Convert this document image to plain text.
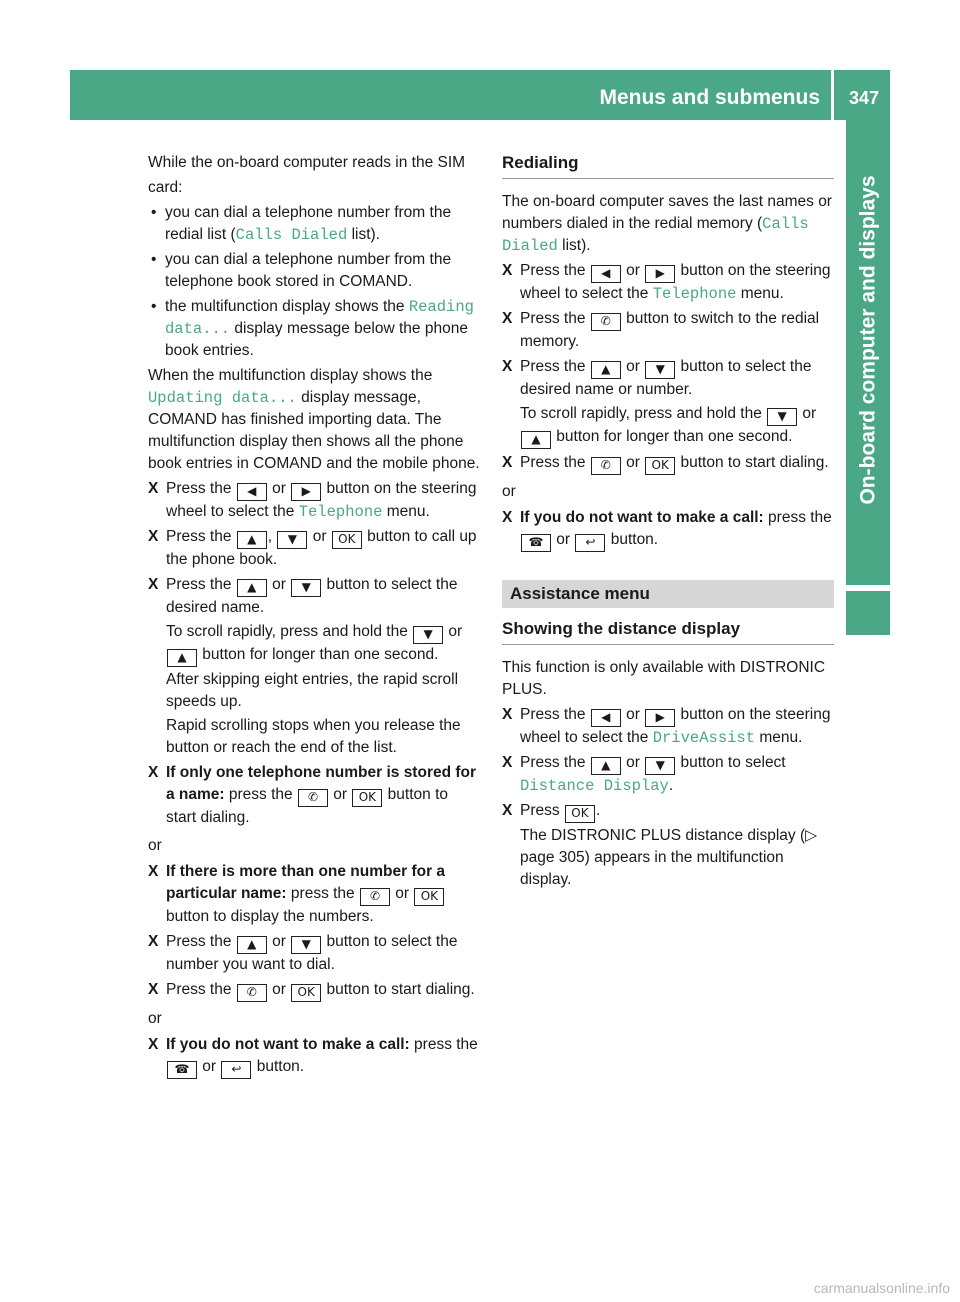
Menus and submenus	347
On-board computer and displays

While the on-board computer reads in the SIM

card:

• you can dial a telephone number from the redial list (Calls Dialed list).
• you can dial a telephone number from the telephone book stored in COMAND.
• the multifunction display shows the Reading data... display message below the phone book entries.

When the multifunction display shows the Updating data... display message, COMAND has finished importing data. The multifunction display then shows all the phone book entries in COMAND and the mobile phone.

X Press the ◀ or ▶ button on the steering wheel to select the Telephone menu.
X Press the ▲ , ▼ or OK button to call up the phone book.
X Press the ▲ or ▼ button to select the desired name.

To scroll rapidly, press and hold the ▼ or ▲ button for longer than one second.

After skipping eight entries, the rapid scroll speeds up.

Rapid scrolling stops when you release the button or reach the end of the list.

X If only one telephone number is stored for a name: press the ✆ or OK button to start dialing.

or

X If there is more than one number for a particular name: press the ✆ or OK button to display the numbers.
X Press the ▲ or ▼ button to select the number you want to dial.
X Press the ✆ or OK button to start dialing.

or

X If you do not want to make a call: press the ☎ or ↩ button.
Redialing

The on-board computer saves the last names or numbers dialed in the redial memory (Calls Dialed list).

X Press the ◀ or ▶ button on the steering wheel to select the Telephone menu.
X Press the ✆ button to switch to the redial memory.
X Press the ▲ or ▼ button to select the desired name or number.

To scroll rapidly, press and hold the ▼ or ▲ button for longer than one second.

X Press the ✆ or OK button to start dialing.

or

X If you do not want to make a call: press the ☎ or ↩ button.
Assistance menu
Showing the distance display

This function is only available with DISTRONIC PLUS.

X Press the ◀ or ▶ button on the steering wheel to select the DriveAssist menu.
X Press the ▲ or ▼ button to select Distance Display.
X Press OK .

The DISTRONIC PLUS distance display (▷ page 305) appears in the multifunction display.

carmanualsonline.info
